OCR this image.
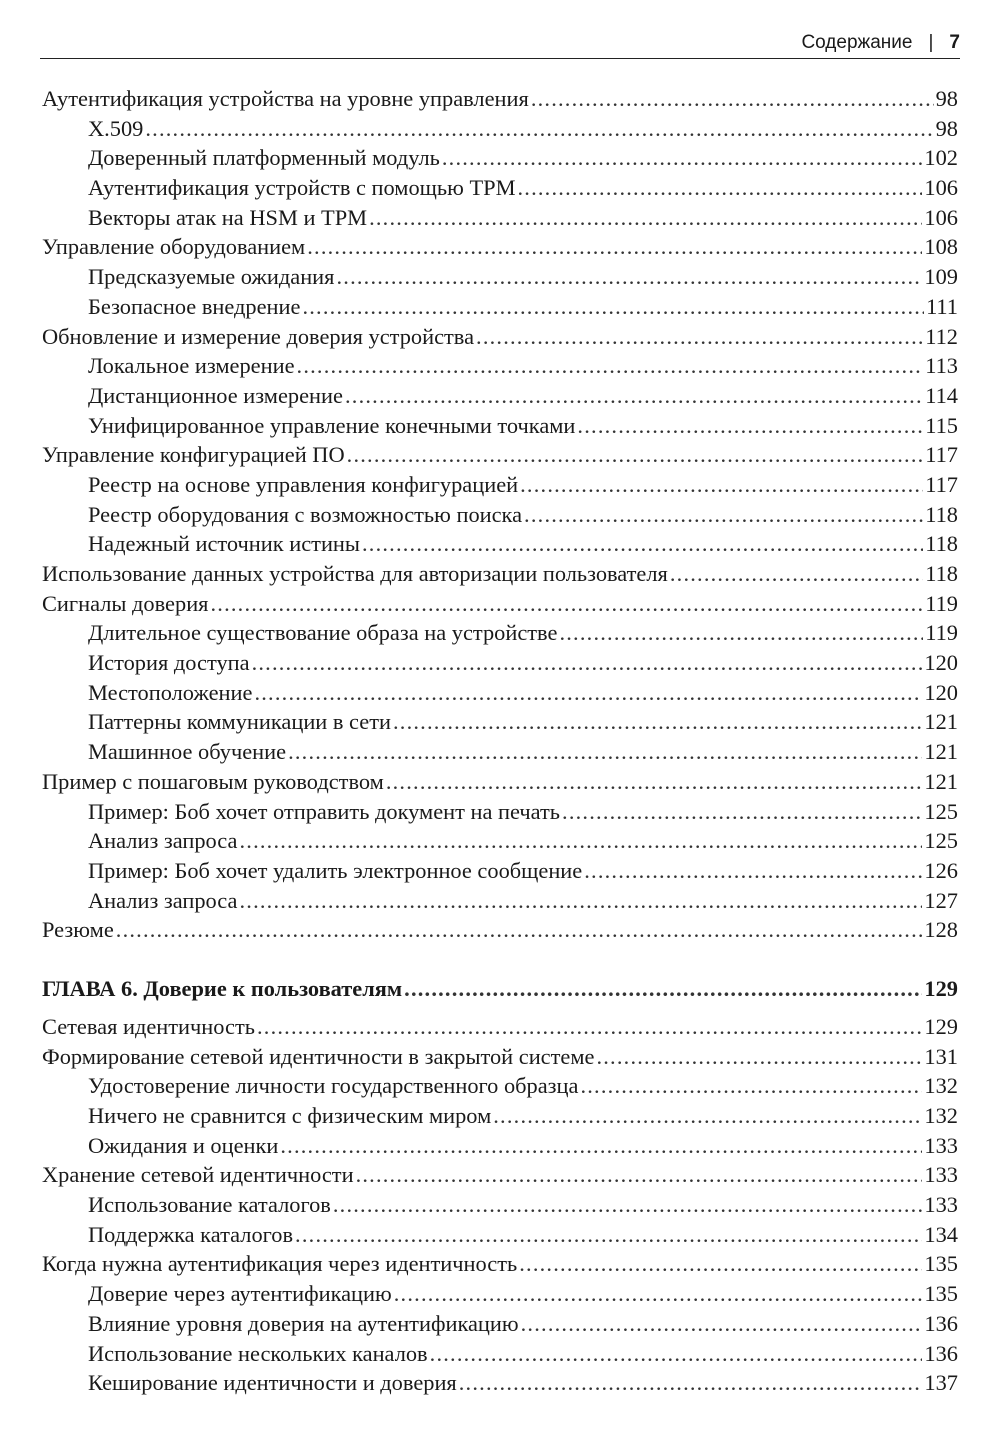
Содержание | 7
Аутентификация устройства на уровне управления .....	98
X.509 .....	98
Доверенный платформенный модуль .....	102
Аутентификация устройств с помощью TPM .....	106
Векторы атак на HSM и TPM .....	106
Управление оборудованием .....	108
Предсказуемые ожидания .....	109
Безопасное внедрение .....	111
Обновление и измерение доверия устройства .....	112
Локальное измерение .....	113
Дистанционное измерение .....	114
Унифицированное управление конечными точками .....	115
Управление конфигурацией ПО .....	117
Реестр на основе управления конфигурацией .....	117
Реестр оборудования с возможностью поиска .....	118
Надежный источник истины .....	118
Использование данных устройства для авторизации пользователя .....	118
Сигналы доверия .....	119
Длительное существование образа на устройстве .....	119
История доступа .....	120
Местоположение .....	120
Паттерны коммуникации в сети .....	121
Машинное обучение .....	121
Пример с пошаговым руководством .....	121
Пример: Боб хочет отправить документ на печать .....	125
Анализ запроса .....	125
Пример: Боб хочет удалить электронное сообщение .....	126
Анализ запроса .....	127
Резюме .....	128
ГЛАВА 6. Доверие к пользователям .....	129
Сетевая идентичность .....	129
Формирование сетевой идентичности в закрытой системе .....	131
Удостоверение личности государственного образца .....	132
Ничего не сравнится с физическим миром .....	132
Ожидания и оценки .....	133
Хранение сетевой идентичности .....	133
Использование каталогов .....	133
Поддержка каталогов .....	134
Когда нужна аутентификация через идентичность .....	135
Доверие через аутентификацию .....	135
Влияние уровня доверия на аутентификацию .....	136
Использование нескольких каналов .....	136
Кеширование идентичности и доверия .....	137
